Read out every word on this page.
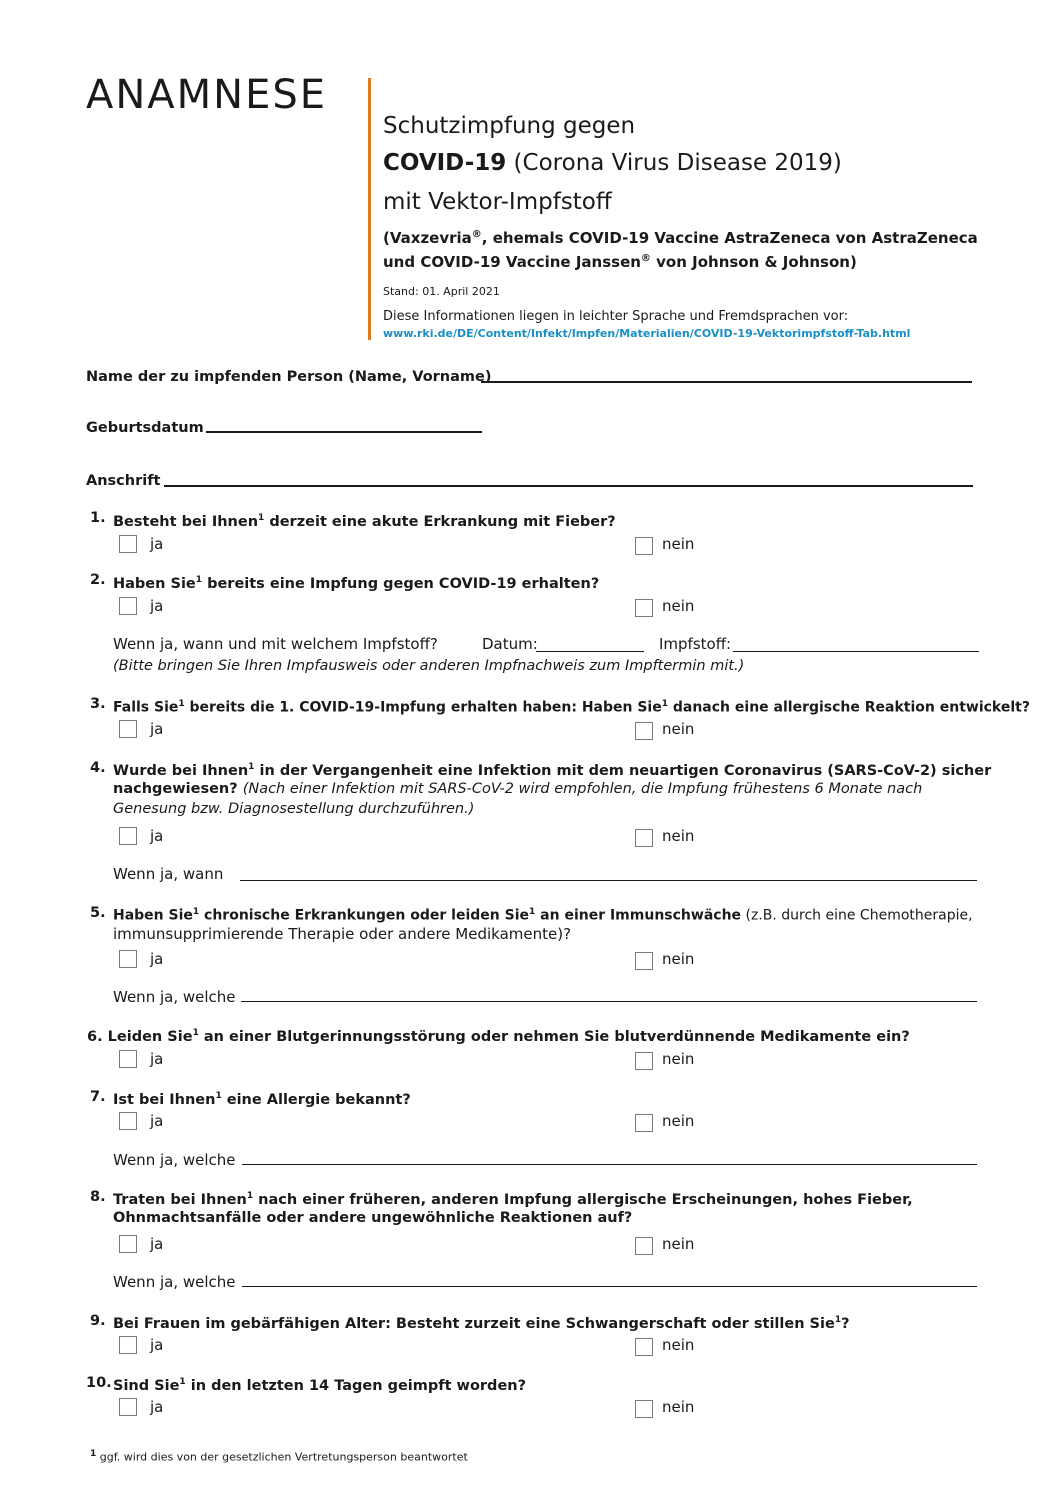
ANAMNESE
Schutzimpfung gegen
COVID-19 (Corona Virus Disease 2019)
mit Vektor-Impfstoff
(Vaxzevria®, ehemals COVID-19 Vaccine AstraZeneca von AstraZeneca
und COVID-19 Vaccine Janssen® von Johnson & Johnson)
Stand: 01. April 2021
Diese Informationen liegen in leichter Sprache und Fremdsprachen vor:
www.rki.de/DE/Content/Infekt/Impfen/Materialien/COVID-19-Vektorimpfstoff-Tab.html
Name der zu impfenden Person (Name, Vorname)
Geburtsdatum
Anschrift
1. Besteht bei Ihnen$^1$ derzeit eine akute Erkrankung mit Fieber?
ja	nein
2. Haben Sie$^1$ bereits eine Impfung gegen COVID-19 erhalten?
ja	nein
Wenn ja, wann und mit welchem Impfstoff?	Datum:	Impfstoff:
(Bitte bringen Sie Ihren Impfausweis oder anderen Impfnachweis zum Impftermin mit.)
3. Falls Sie$^1$ bereits die 1. COVID-19-Impfung erhalten haben: Haben Sie$^1$ danach eine allergische Reaktion entwickelt?
ja	nein
4. Wurde bei Ihnen$^1$ in der Vergangenheit eine Infektion mit dem neuartigen Coronavirus (SARS-CoV-2) sicher
nachgewiesen? (Nach einer Infektion mit SARS-CoV-2 wird empfohlen, die Impfung frühestens 6 Monate nach
Genesung bzw. Diagnosestellung durchzuführen.)
ja	nein
Wenn ja, wann
5. Haben Sie$^1$ chronische Erkrankungen oder leiden Sie$^1$ an einer Immunschwäche (z.B. durch eine Chemotherapie,
immunsupprimierende Therapie oder andere Medikamente)?
ja	nein
Wenn ja, welche
6. Leiden Sie$^1$ an einer Blutgerinnungsstörung oder nehmen Sie blutverdünnende Medikamente ein?
ja	nein
7. Ist bei Ihnen$^1$ eine Allergie bekannt?
ja	nein
Wenn ja, welche
8. Traten bei Ihnen$^1$ nach einer früheren, anderen Impfung allergische Erscheinungen, hohes Fieber,
Ohnmachtsanfälle oder andere ungewöhnliche Reaktionen auf?
ja	nein
Wenn ja, welche
9. Bei Frauen im gebärfähigen Alter: Besteht zurzeit eine Schwangerschaft oder stillen Sie$^1$?
ja	nein
10. Sind Sie$^1$ in den letzten 14 Tagen geimpft worden?
ja	nein
$^1$ ggf. wird dies von der gesetzlichen Vertretungsperson beantwortet
